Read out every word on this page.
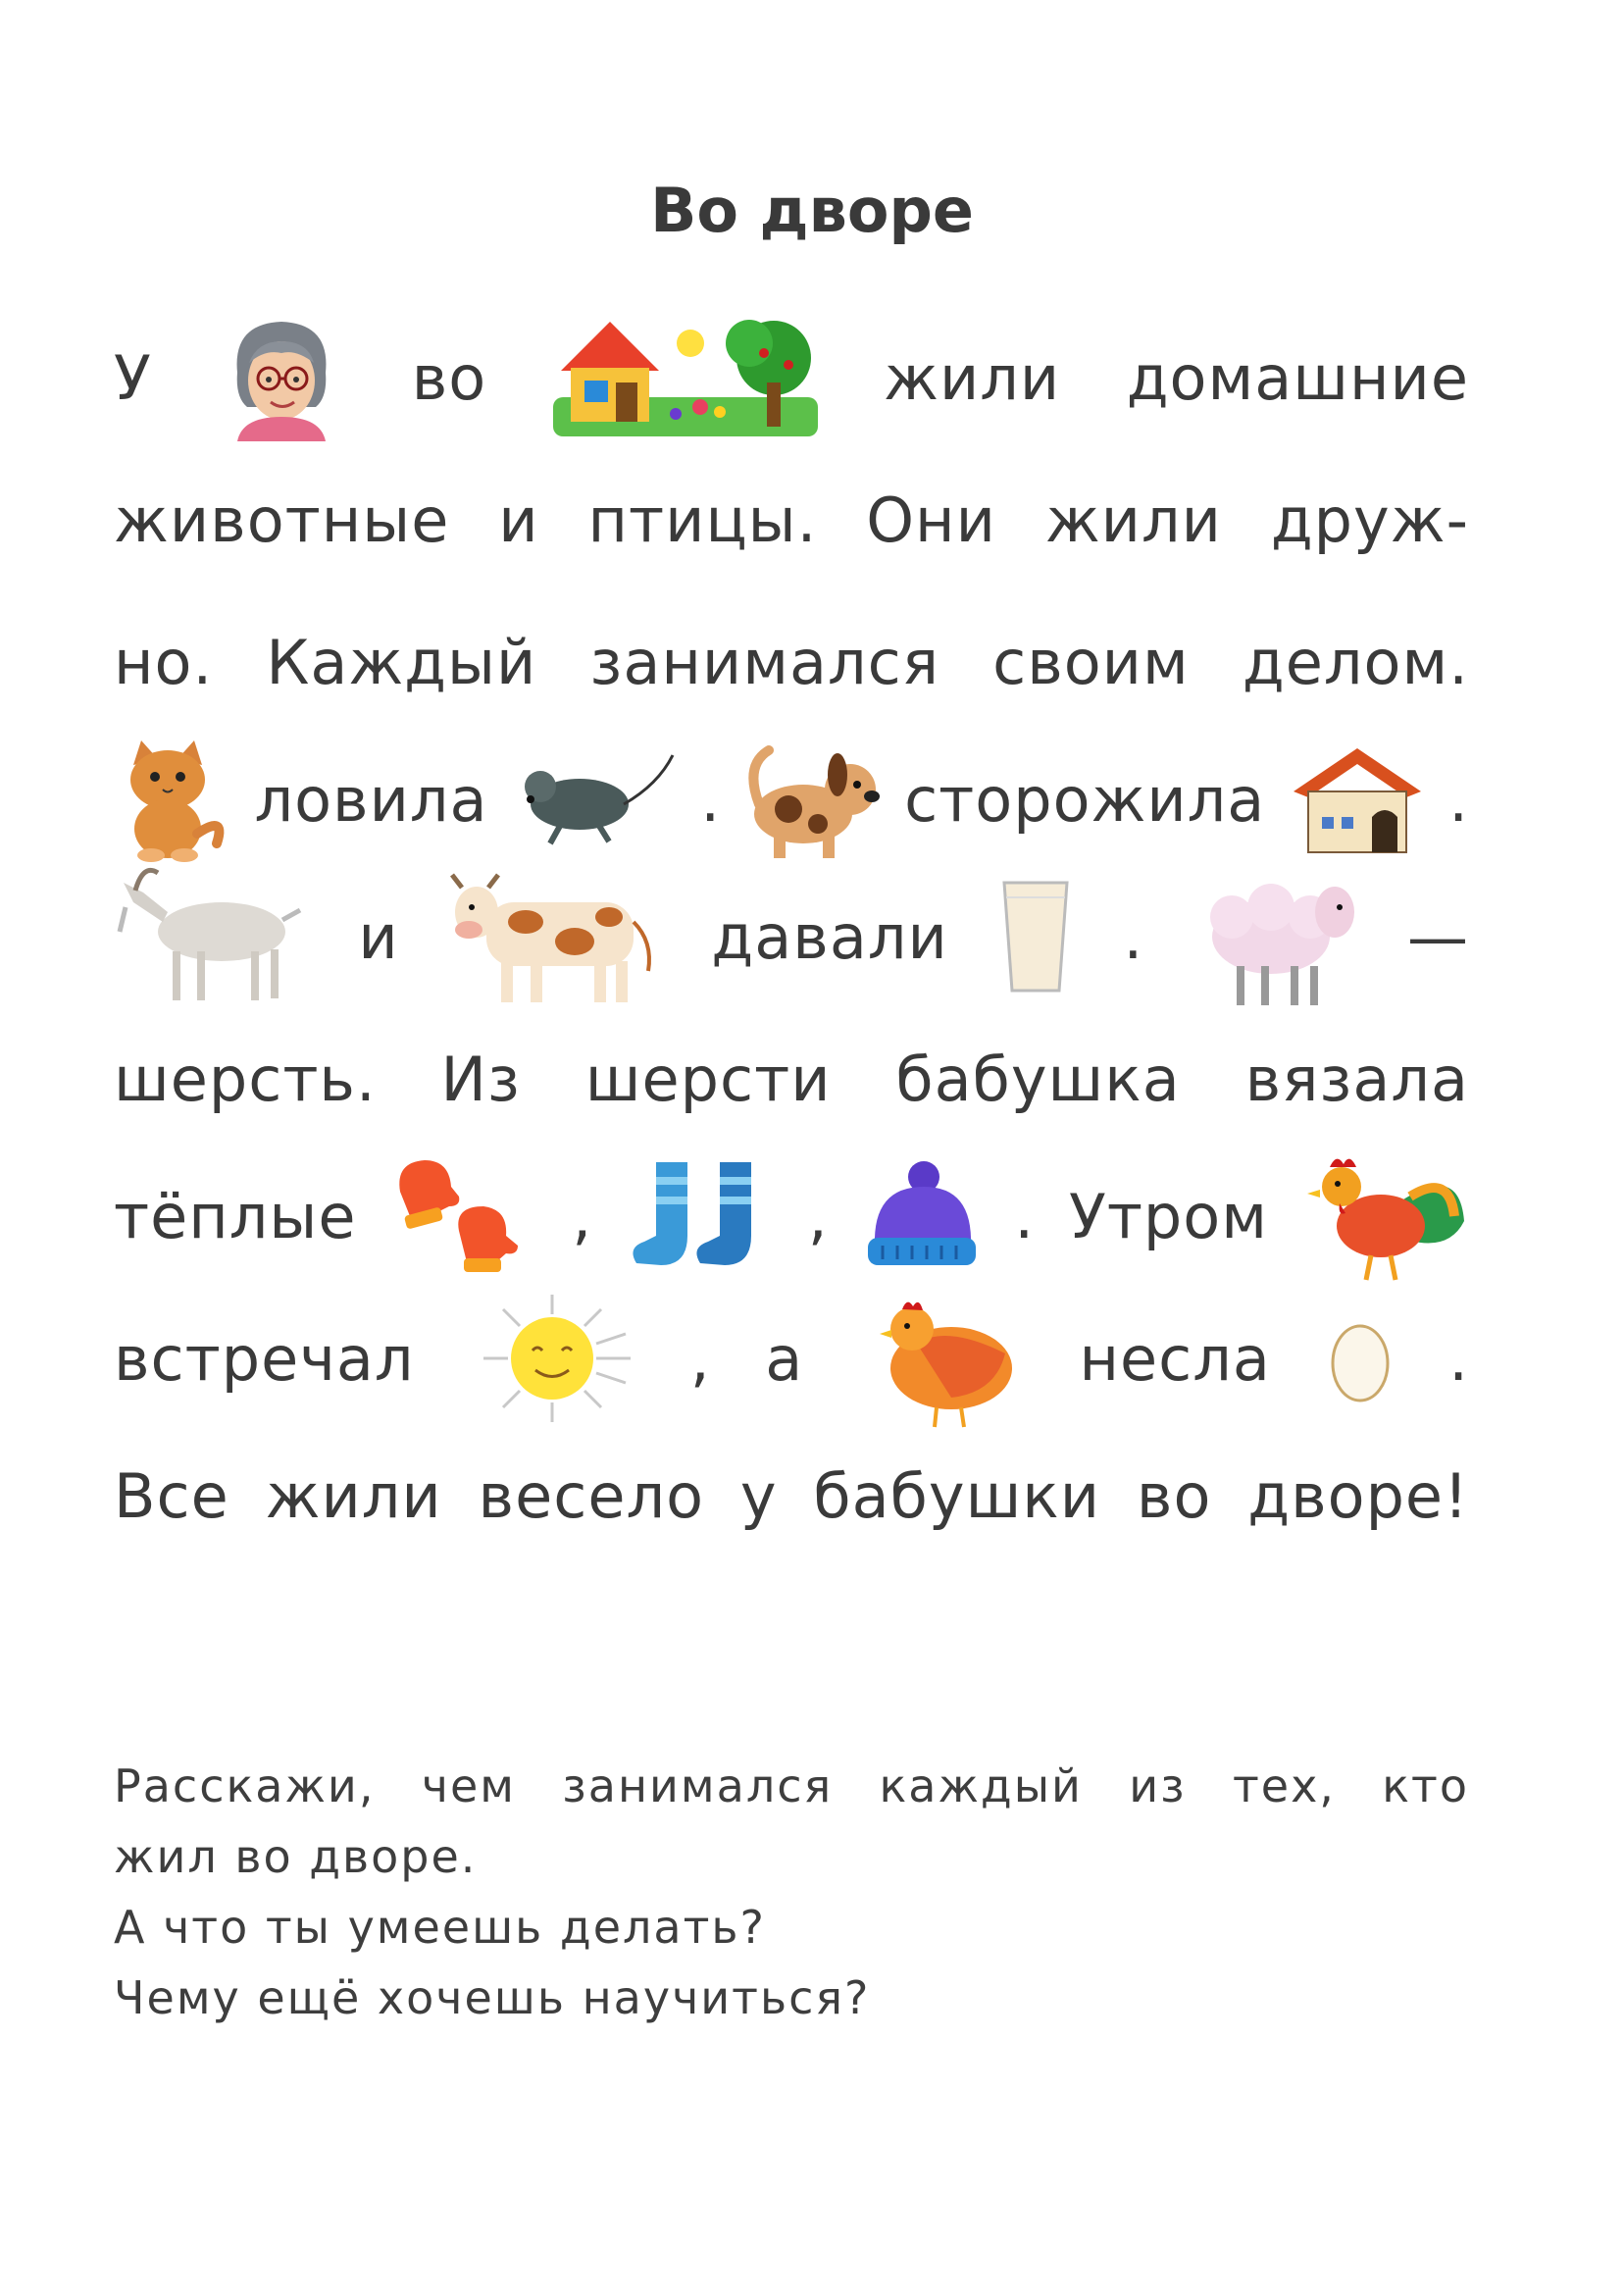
Во дворе
У	во	жили домашние
животные и птицы. Они жили друж-
но. Каждый занимался своим делом.
ловила	.	сторожила	.
и	давали	.	—
шерсть. Из шерсти бабушка вязала
тёплые	,	,	. Утром
встречал	, а	несла	.
Все жили весело у бабушки во дворе!
Расскажи, чем занимался каждый из тех, кто
жил во дворе.
А что ты умеешь делать?
Чему ещё хочешь научиться?
